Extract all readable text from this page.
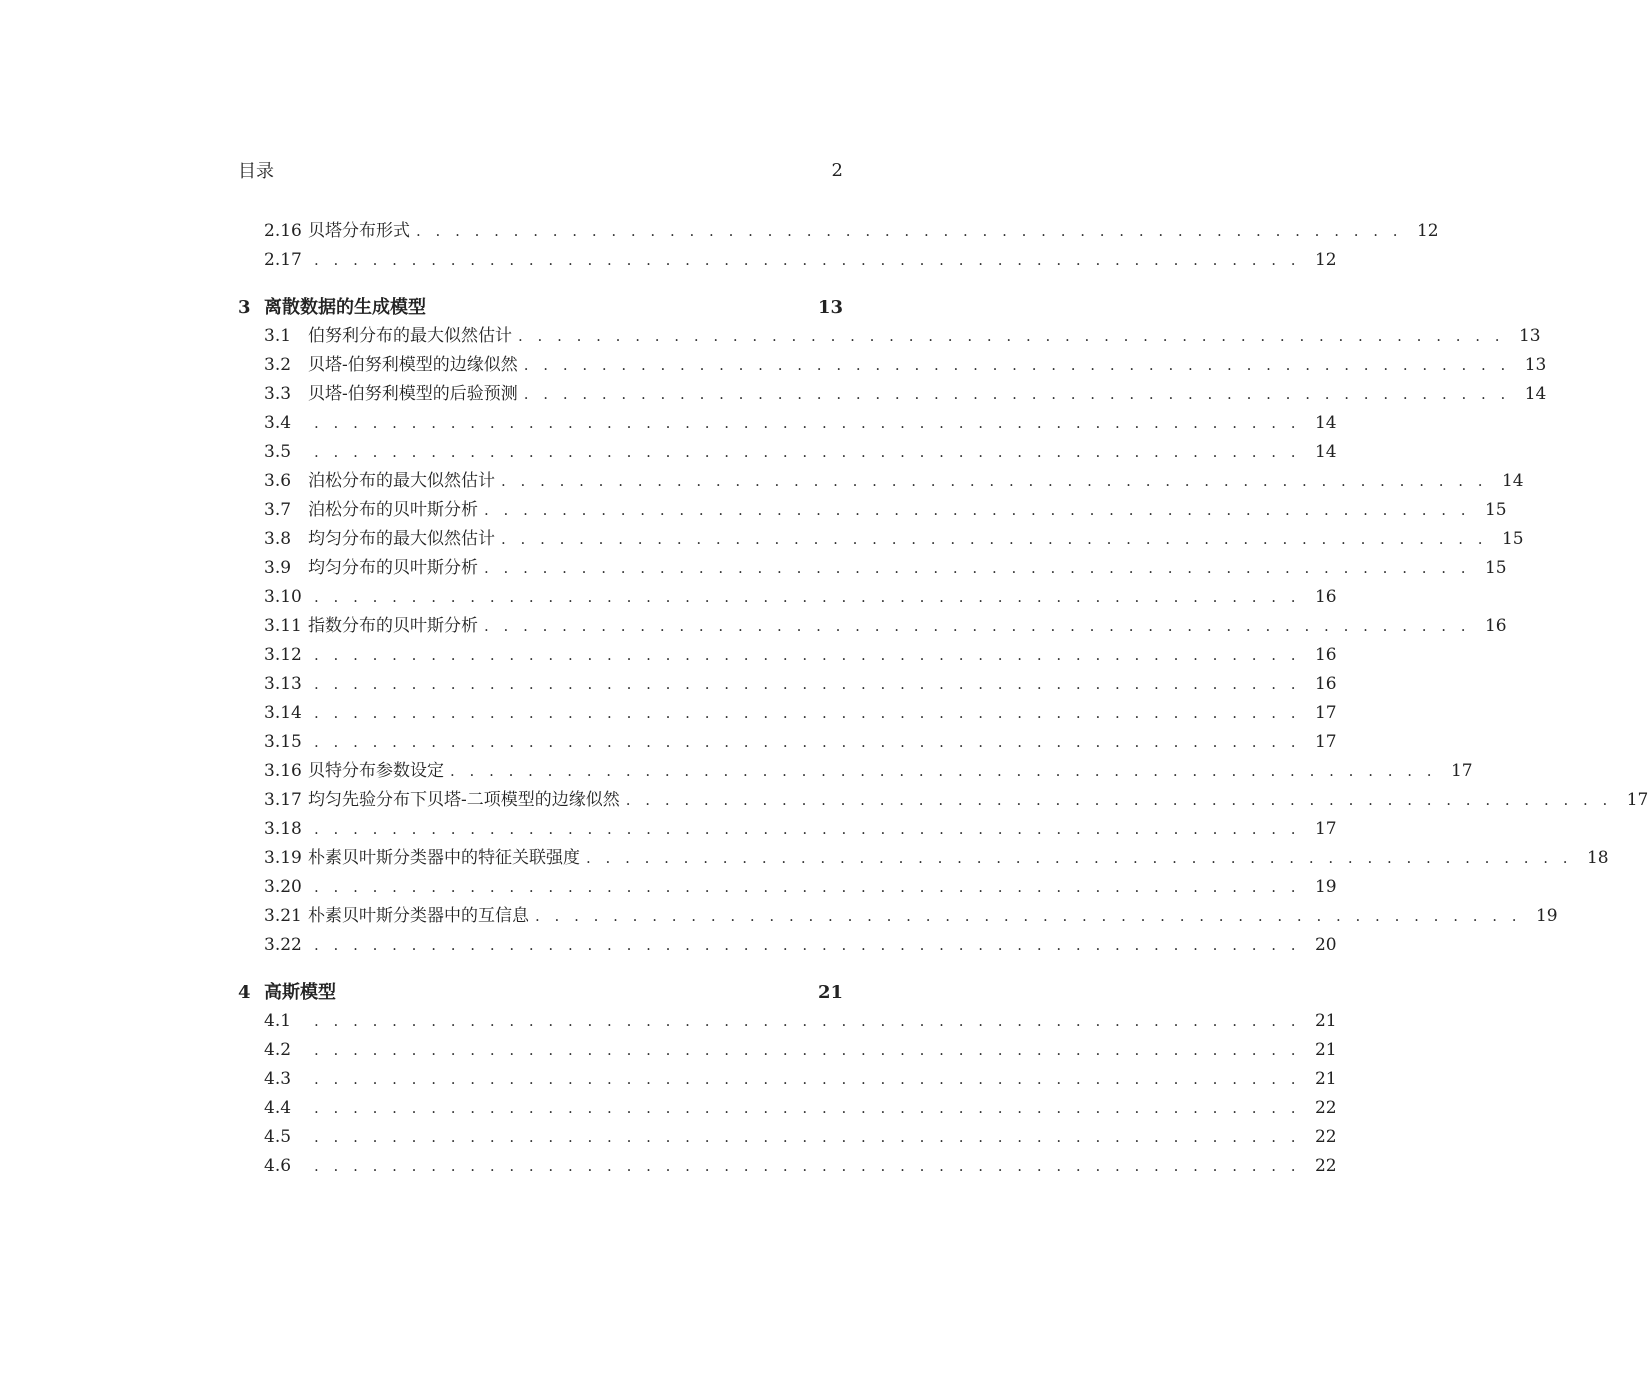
目录	2
2.16 贝塔分布形式 . . . . . . . . . . . . . . . . . . . . . . . . . . . . . . . . . . . . . . . . . . . . . . . . . . . 12
2.17 . . . . . . . . . . . . . . . . . . . . . . . . . . . . . . . . . . . . . . . . . . . . . . . . . . . 12
3 离散数据的生成模型	13
3.1 伯努利分布的最大似然估计 . . . . . . . . . . . . . . . . . . . . . . . . . . . . . . . . . . . . . . . . . . . . . . . . . . . 13
3.2 贝塔-伯努利模型的边缘似然 . . . . . . . . . . . . . . . . . . . . . . . . . . . . . . . . . . . . . . . . . . . . . . . . . . . 13
3.3 贝塔-伯努利模型的后验预测 . . . . . . . . . . . . . . . . . . . . . . . . . . . . . . . . . . . . . . . . . . . . . . . . . . . 14
3.4	. . . . . . . . . . . . . . . . . . . . . . . . . . . . . . . . . . . . . . . . . . . . . . . . . . . 14
3.5	. . . . . . . . . . . . . . . . . . . . . . . . . . . . . . . . . . . . . . . . . . . . . . . . . . . 14
3.6 泊松分布的最大似然估计 . . . . . . . . . . . . . . . . . . . . . . . . . . . . . . . . . . . . . . . . . . . . . . . . . . . 14
3.7 泊松分布的贝叶斯分析 . . . . . . . . . . . . . . . . . . . . . . . . . . . . . . . . . . . . . . . . . . . . . . . . . . . 15
3.8 均匀分布的最大似然估计 . . . . . . . . . . . . . . . . . . . . . . . . . . . . . . . . . . . . . . . . . . . . . . . . . . . 15
3.9 均匀分布的贝叶斯分析 . . . . . . . . . . . . . . . . . . . . . . . . . . . . . . . . . . . . . . . . . . . . . . . . . . . 15
3.10 . . . . . . . . . . . . . . . . . . . . . . . . . . . . . . . . . . . . . . . . . . . . . . . . . . . 16
3.11 指数分布的贝叶斯分析 . . . . . . . . . . . . . . . . . . . . . . . . . . . . . . . . . . . . . . . . . . . . . . . . . . . 16
3.12 . . . . . . . . . . . . . . . . . . . . . . . . . . . . . . . . . . . . . . . . . . . . . . . . . . . 16
3.13 . . . . . . . . . . . . . . . . . . . . . . . . . . . . . . . . . . . . . . . . . . . . . . . . . . . 16
3.14 . . . . . . . . . . . . . . . . . . . . . . . . . . . . . . . . . . . . . . . . . . . . . . . . . . . 17
3.15 . . . . . . . . . . . . . . . . . . . . . . . . . . . . . . . . . . . . . . . . . . . . . . . . . . . 17
3.16 贝特分布参数设定 . . . . . . . . . . . . . . . . . . . . . . . . . . . . . . . . . . . . . . . . . . . . . . . . . . . 17
3.17 均匀先验分布下贝塔-二项模型的边缘似然 . . . . . . . . . . . . . . . . . . . . . . . . . . . . . . . . . . . . . . . . . . . . . . . . . . . 17
3.18 . . . . . . . . . . . . . . . . . . . . . . . . . . . . . . . . . . . . . . . . . . . . . . . . . . . 17
3.19 朴素贝叶斯分类器中的特征关联强度 . . . . . . . . . . . . . . . . . . . . . . . . . . . . . . . . . . . . . . . . . . . . . . . . . . . 18
3.20 . . . . . . . . . . . . . . . . . . . . . . . . . . . . . . . . . . . . . . . . . . . . . . . . . . . 19
3.21 朴素贝叶斯分类器中的互信息 . . . . . . . . . . . . . . . . . . . . . . . . . . . . . . . . . . . . . . . . . . . . . . . . . . . 19
3.22 . . . . . . . . . . . . . . . . . . . . . . . . . . . . . . . . . . . . . . . . . . . . . . . . . . . 20
4 高斯模型	21
4.1	. . . . . . . . . . . . . . . . . . . . . . . . . . . . . . . . . . . . . . . . . . . . . . . . . . . 21
4.2	. . . . . . . . . . . . . . . . . . . . . . . . . . . . . . . . . . . . . . . . . . . . . . . . . . . 21
4.3	. . . . . . . . . . . . . . . . . . . . . . . . . . . . . . . . . . . . . . . . . . . . . . . . . . . 21
4.4	. . . . . . . . . . . . . . . . . . . . . . . . . . . . . . . . . . . . . . . . . . . . . . . . . . . 22
4.5	. . . . . . . . . . . . . . . . . . . . . . . . . . . . . . . . . . . . . . . . . . . . . . . . . . . 22
4.6	. . . . . . . . . . . . . . . . . . . . . . . . . . . . . . . . . . . . . . . . . . . . . . . . . . . 22
